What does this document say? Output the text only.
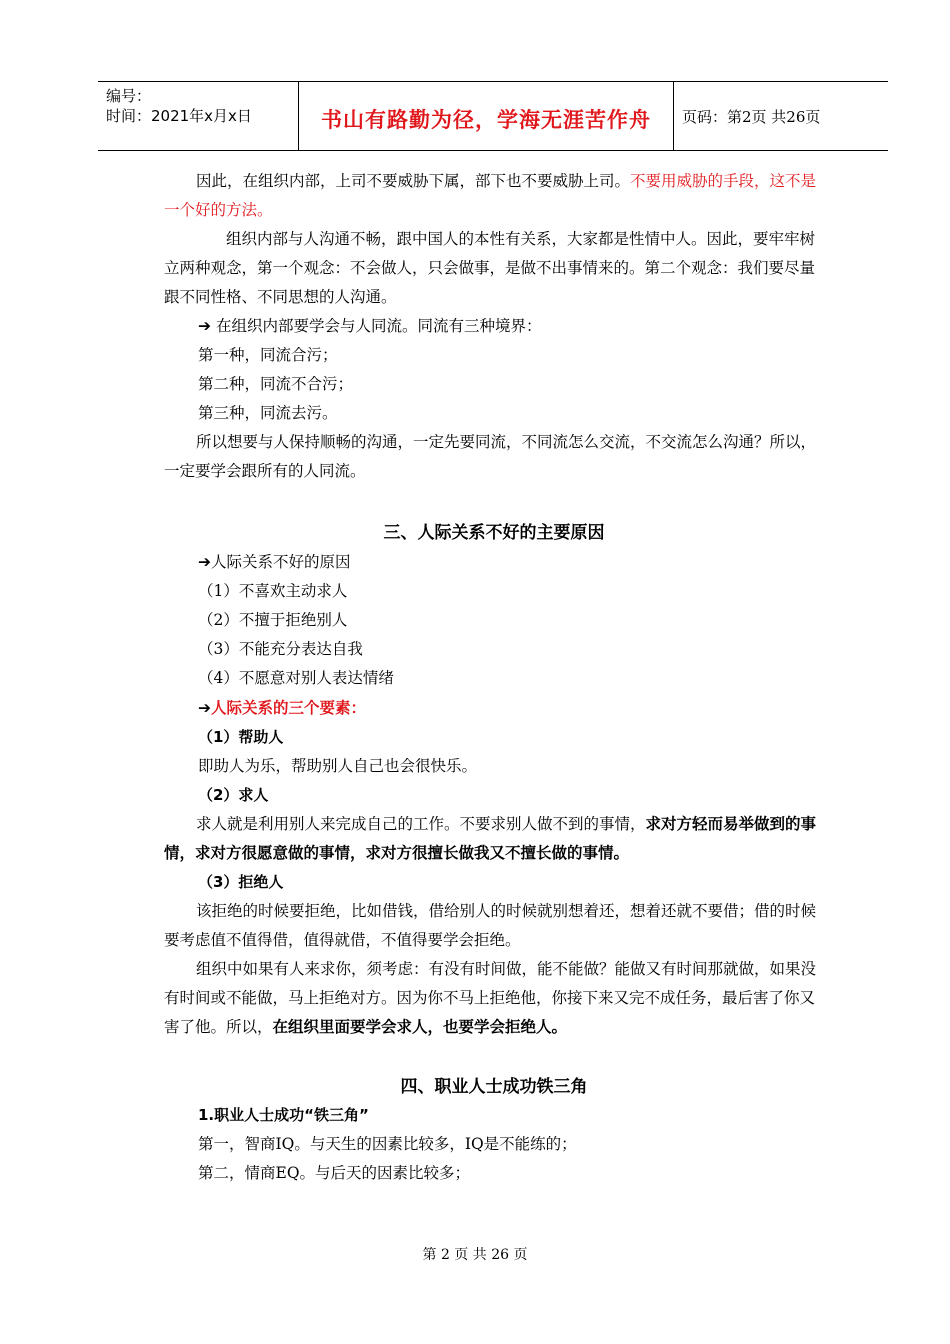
编号：
时间：2021年x月x日	书山有路勤为径，学海无涯苦作舟	页码：第2页 共26页

因此，在组织内部，上司不要威胁下属，部下也不要威胁上司。不要用威胁的手段，这不是一个好的方法。

组织内部与人沟通不畅，跟中国人的本性有关系，大家都是性情中人。因此，要牢牢树立两种观念，第一个观念：不会做人，只会做事，是做不出事情来的。第二个观念：我们要尽量跟不同性格、不同思想的人沟通。

➔ 在组织内部要学会与人同流。同流有三种境界：
第一种，同流合污；
第二种，同流不合污；
第三种，同流去污。

所以想要与人保持顺畅的沟通，一定先要同流，不同流怎么交流，不交流怎么沟通？所以，一定要学会跟所有的人同流。

三、人际关系不好的主要原因
➔人际关系不好的原因
（1）不喜欢主动求人
（2）不擅于拒绝别人
（3）不能充分表达自我
（4）不愿意对别人表达情绪
➔人际关系的三个要素：
（1）帮助人
即助人为乐，帮助别人自己也会很快乐。
（2）求人

求人就是利用别人来完成自己的工作。不要求别人做不到的事情，求对方轻而易举做到的事情，求对方很愿意做的事情，求对方很擅长做我又不擅长做的事情。

（3）拒绝人

该拒绝的时候要拒绝，比如借钱，借给别人的时候就别想着还，想着还就不要借；借的时候要考虑值不值得借，值得就借，不值得要学会拒绝。

组织中如果有人来求你，须考虑：有没有时间做，能不能做？能做又有时间那就做，如果没有时间或不能做，马上拒绝对方。因为你不马上拒绝他，你接下来又完不成任务，最后害了你又害了他。所以，在组织里面要学会求人，也要学会拒绝人。

四、职业人士成功铁三角
1.职业人士成功“铁三角”
第一，智商IQ。与天生的因素比较多，IQ是不能练的；
第二，情商EQ。与后天的因素比较多；
第 2 页 共 26 页
